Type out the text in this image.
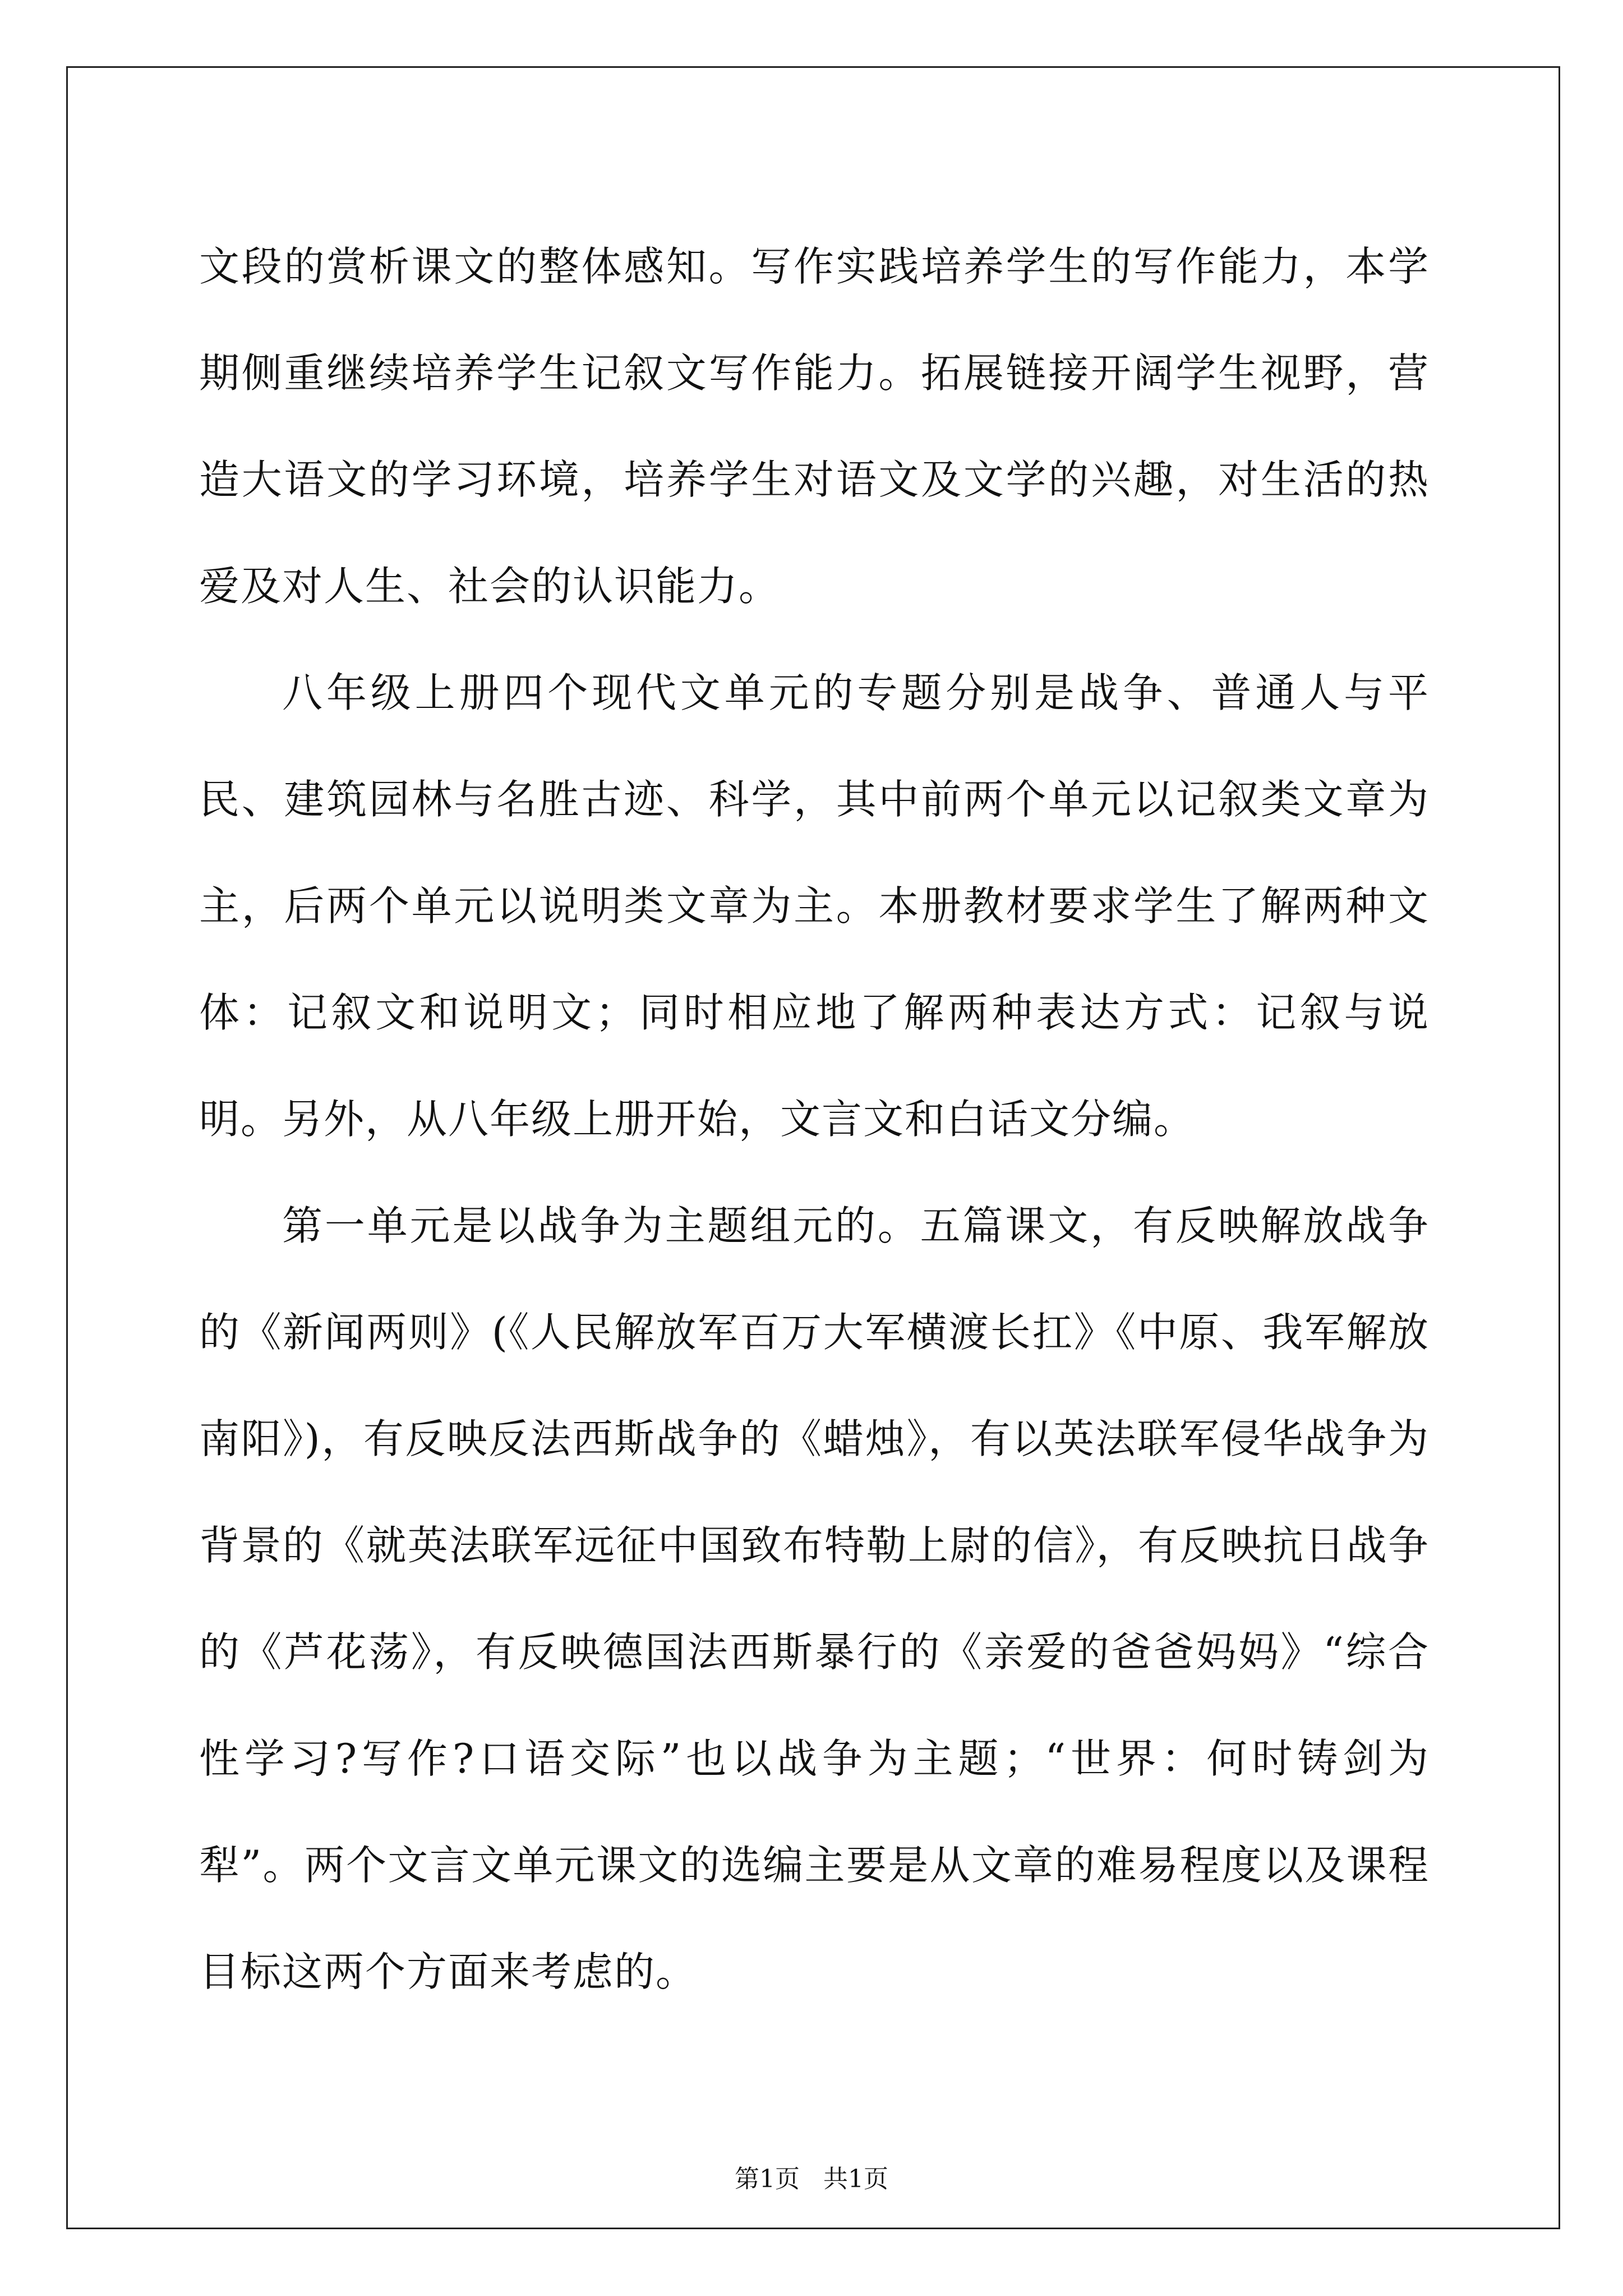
文段的赏析课文的整体感知。写作实践培养学生的写作能力，本学期侧重继续培养学生记叙文写作能力。拓展链接开阔学生视野，营造大语文的学习环境，培养学生对语文及文学的兴趣，对生活的热爱及对人生、社会的认识能力。

八年级上册四个现代文单元的专题分别是战争、普通人与平民、建筑园林与名胜古迹、科学，其中前两个单元以记叙类文章为主，后两个单元以说明类文章为主。本册教材要求学生了解两种文体：记叙文和说明文；同时相应地了解两种表达方式：记叙与说明。另外，从八年级上册开始，文言文和白话文分编。

第一单元是以战争为主题组元的。五篇课文，有反映解放战争的《新闻两则》(《人民解放军百万大军横渡长扛》《中原、我军解放南阳》)，有反映反法西斯战争的《蜡烛》，有以英法联军侵华战争为背景的《就英法联军远征中国致布特勒上尉的信》，有反映抗日战争的《芦花荡》，有反映德国法西斯暴行的《亲爱的爸爸妈妈》“综合性学习?写作?口语交际”也以战争为主题；“世界：何时铸剑为犁”。两个文言文单元课文的选编主要是从文章的难易程度以及课程目标这两个方面来考虑的。

第1页   共1页
